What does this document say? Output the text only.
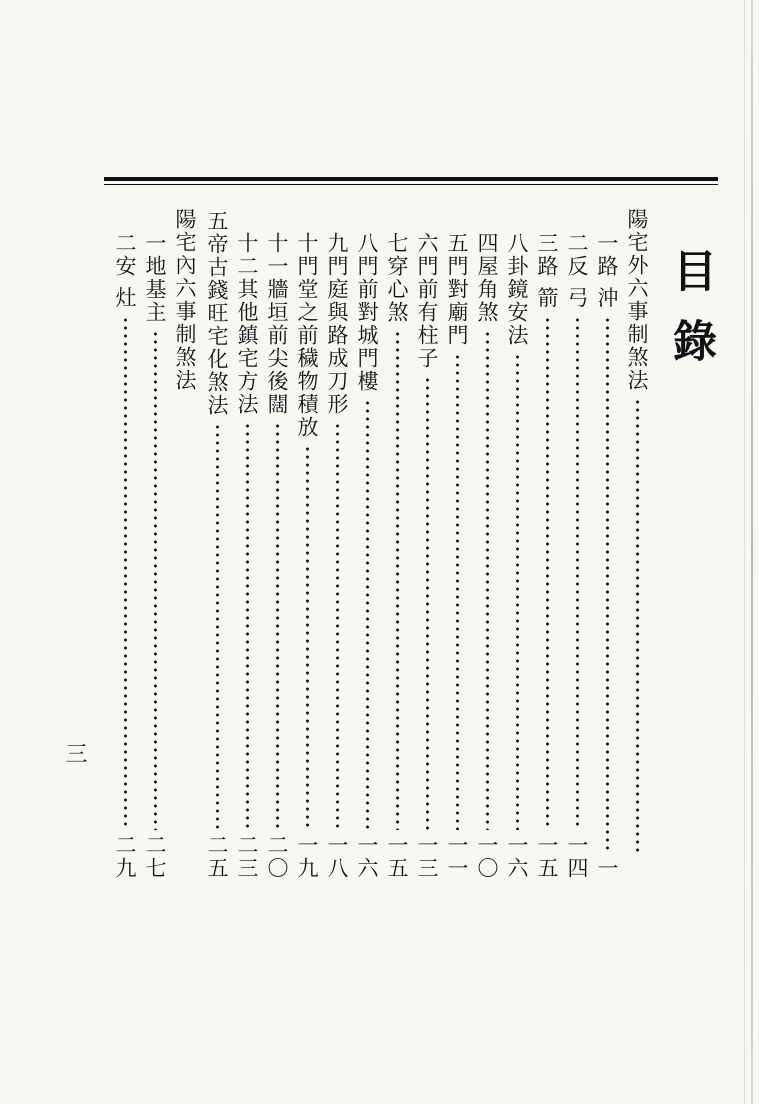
目錄
陽宅外六事制煞法
一路 沖
一
二反 弓
一四
三路 箭
一五
八卦鏡安法
一六
四屋角煞
一〇
五門對廟門
一一
六門前有柱子
一三
七穿心煞
一五
八門前對城門樓
一六
九門庭與路成刀形
一八
十門堂之前穢物積放
一九
十一牆垣前尖後闊
二〇
十二其他鎮宅方法
二三
五帝古錢旺宅化煞法
二五
陽宅內六事制煞法
一地基主
二七
二安 灶
二九
三
